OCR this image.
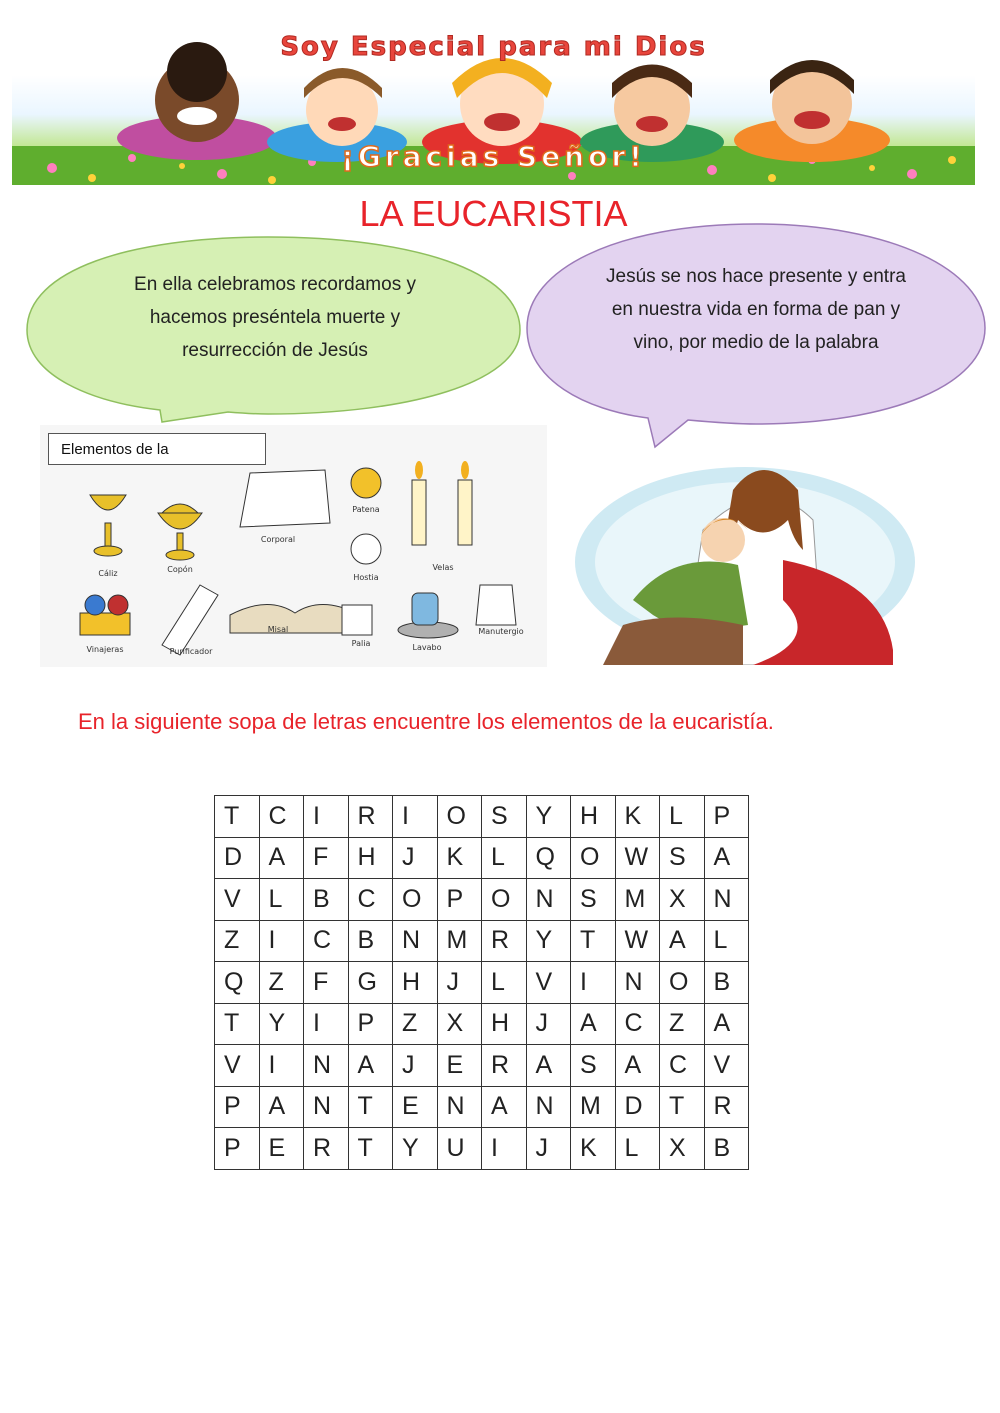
Soy Especial para mi Dios
¡Gracias Señor!
LA EUCARISTIA
En ella celebramos recordamos y hacemos preséntela muerte y resurrección de Jesús
Jesús se nos hace presente y entra en nuestra vida en forma de pan y vino, por medio de la palabra
Cáliz	Copón
Corporal
Patena
Hostia
Velas
Vinajeras	Purificador
Misal
Palia	Lavabo
Manutergio
Elementos de la
En la siguiente sopa de letras encuentre los elementos de la eucaristía.
T	C	I	R	I	O	S	Y	H	K	L	P
D	A	F	H	J	K	L	Q	O	W	S	A
V	L	B	C	O	P	O	N	S	M	X	N
Z	I	C	B	N	M	R	Y	T	W	A	L
Q	Z	F	G	H	J	L	V	I	N	O	B
T	Y	I	P	Z	X	H	J	A	C	Z	A
V	I	N	A	J	E	R	A	S	A	C	V
P	A	N	T	E	N	A	N	M	D	T	R
P	E	R	T	Y	U	I	J	K	L	X	B
